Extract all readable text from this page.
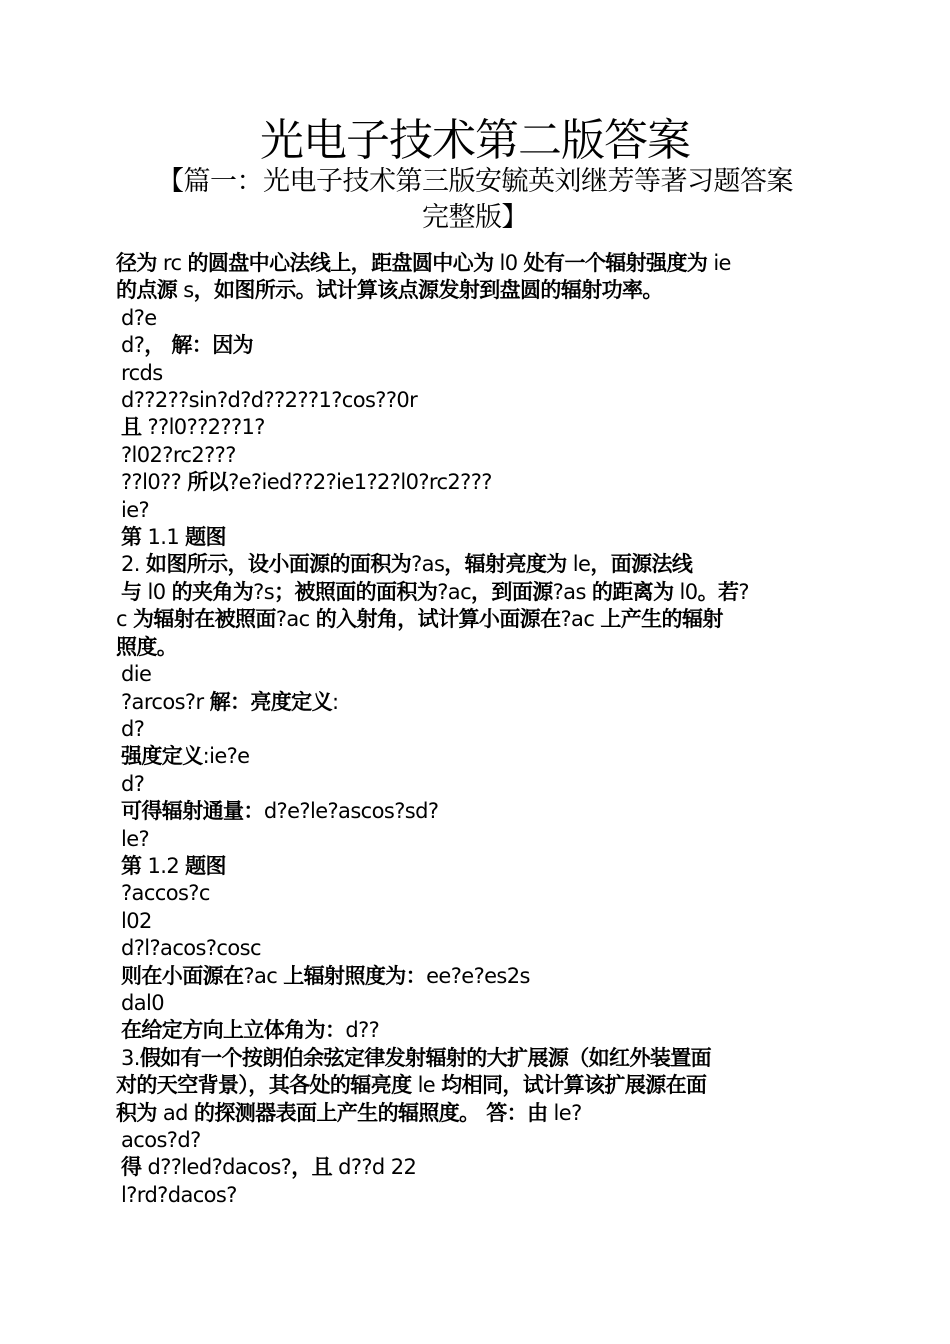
光电子技术第二版答案
【篇一：光电子技术第三版安毓英刘继芳等著习题答案
完整版】
径为 rc 的圆盘中心法线上，距盘圆中心为 l0 处有一个辐射强度为 ie
的点源 s，如图所示。试计算该点源发射到盘圆的辐射功率。
d?e
d?， 解：因为
rcds
d??2??sin?d?d??2??1?cos??0r
且 ??l0??2??1?
?l02?rc2???
??l0?? 所以?e?ied??2?ie1?2?l0?rc2???
ie?
第 1.1 题图
2. 如图所示，设小面源的面积为?as，辐射亮度为 le，面源法线
与 l0 的夹角为?s；被照面的面积为?ac，到面源?as 的距离为 l0。若?
c 为辐射在被照面?ac 的入射角，试计算小面源在?ac 上产生的辐射
照度。
die
?arcos?r 解：亮度定义:
d?
强度定义:ie?e
d?
可得辐射通量：d?e?le?ascos?sd?
le?
第 1.2 题图
?accos?c
l02
d?l?acos?cosc
则在小面源在?ac 上辐射照度为：ee?e?es2s
dal0
在给定方向上立体角为：d??
3.假如有一个按朗伯余弦定律发射辐射的大扩展源（如红外装置面
对的天空背景），其各处的辐亮度 le 均相同，试计算该扩展源在面
积为 ad 的探测器表面上产生的辐照度。 答：由 le?
acos?d?
得 d??led?dacos?，且 d??d 22
l?rd?dacos?
